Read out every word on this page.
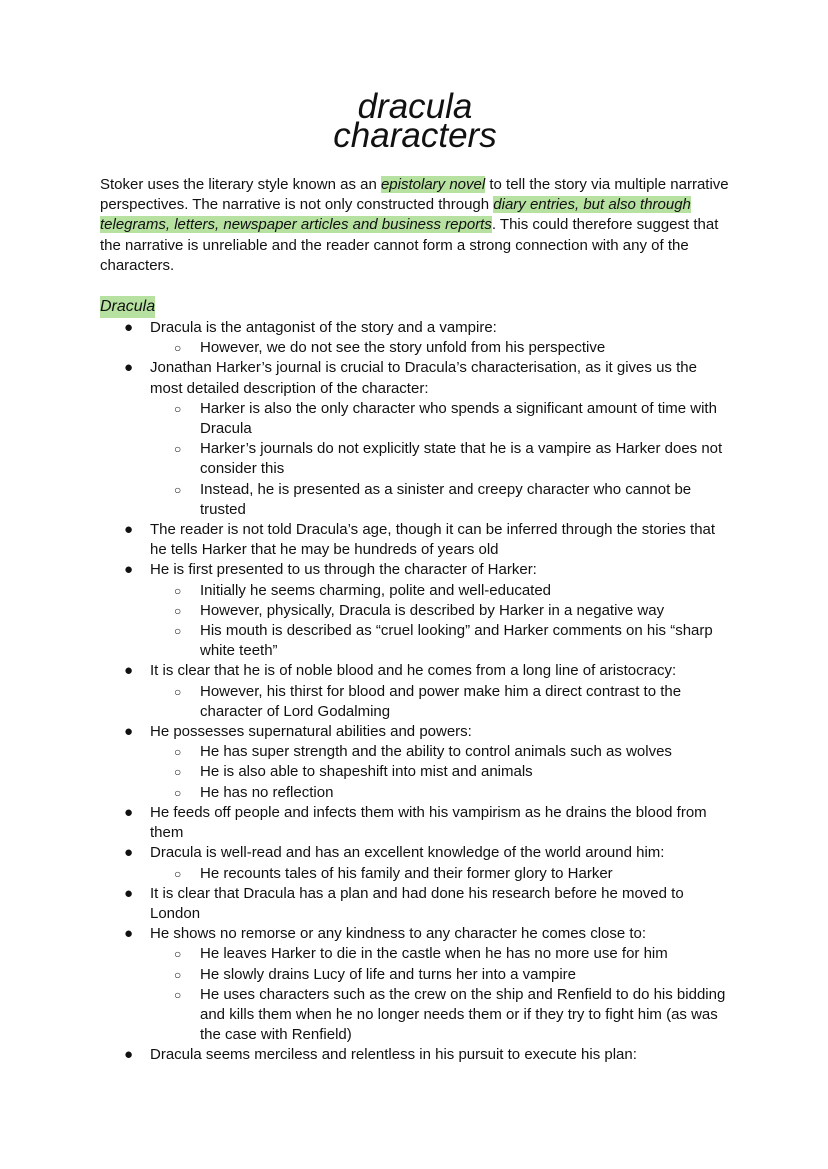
dracula
characters

Stoker uses the literary style known as an epistolary novel to tell the story via multiple narrative perspectives. The narrative is not only constructed through diary entries, but also through telegrams, letters, newspaper articles and business reports. This could therefore suggest that the narrative is unreliable and the reader cannot form a strong connection with any of the characters.

Dracula
● Dracula is the antagonist of the story and a vampire:
○ However, we do not see the story unfold from his perspective
● Jonathan Harker’s journal is crucial to Dracula’s characterisation, as it gives us the most detailed description of the character:
○ Harker is also the only character who spends a significant amount of time with Dracula
○ Harker’s journals do not explicitly state that he is a vampire as Harker does not consider this
○ Instead, he is presented as a sinister and creepy character who cannot be trusted
● The reader is not told Dracula’s age, though it can be inferred through the stories that he tells Harker that he may be hundreds of years old
● He is first presented to us through the character of Harker:
○ Initially he seems charming, polite and well-educated
○ However, physically, Dracula is described by Harker in a negative way
○ His mouth is described as “cruel looking” and Harker comments on his “sharp white teeth”
● It is clear that he is of noble blood and he comes from a long line of aristocracy:
○ However, his thirst for blood and power make him a direct contrast to the character of Lord Godalming
● He possesses supernatural abilities and powers:
○ He has super strength and the ability to control animals such as wolves
○ He is also able to shapeshift into mist and animals
○ He has no reflection
● He feeds off people and infects them with his vampirism as he drains the blood from them
● Dracula is well-read and has an excellent knowledge of the world around him:
○ He recounts tales of his family and their former glory to Harker
● It is clear that Dracula has a plan and had done his research before he moved to London
● He shows no remorse or any kindness to any character he comes close to:
○ He leaves Harker to die in the castle when he has no more use for him
○ He slowly drains Lucy of life and turns her into a vampire
○ He uses characters such as the crew on the ship and Renfield to do his bidding and kills them when he no longer needs them or if they try to fight him (as was the case with Renfield)
● Dracula seems merciless and relentless in his pursuit to execute his plan:
